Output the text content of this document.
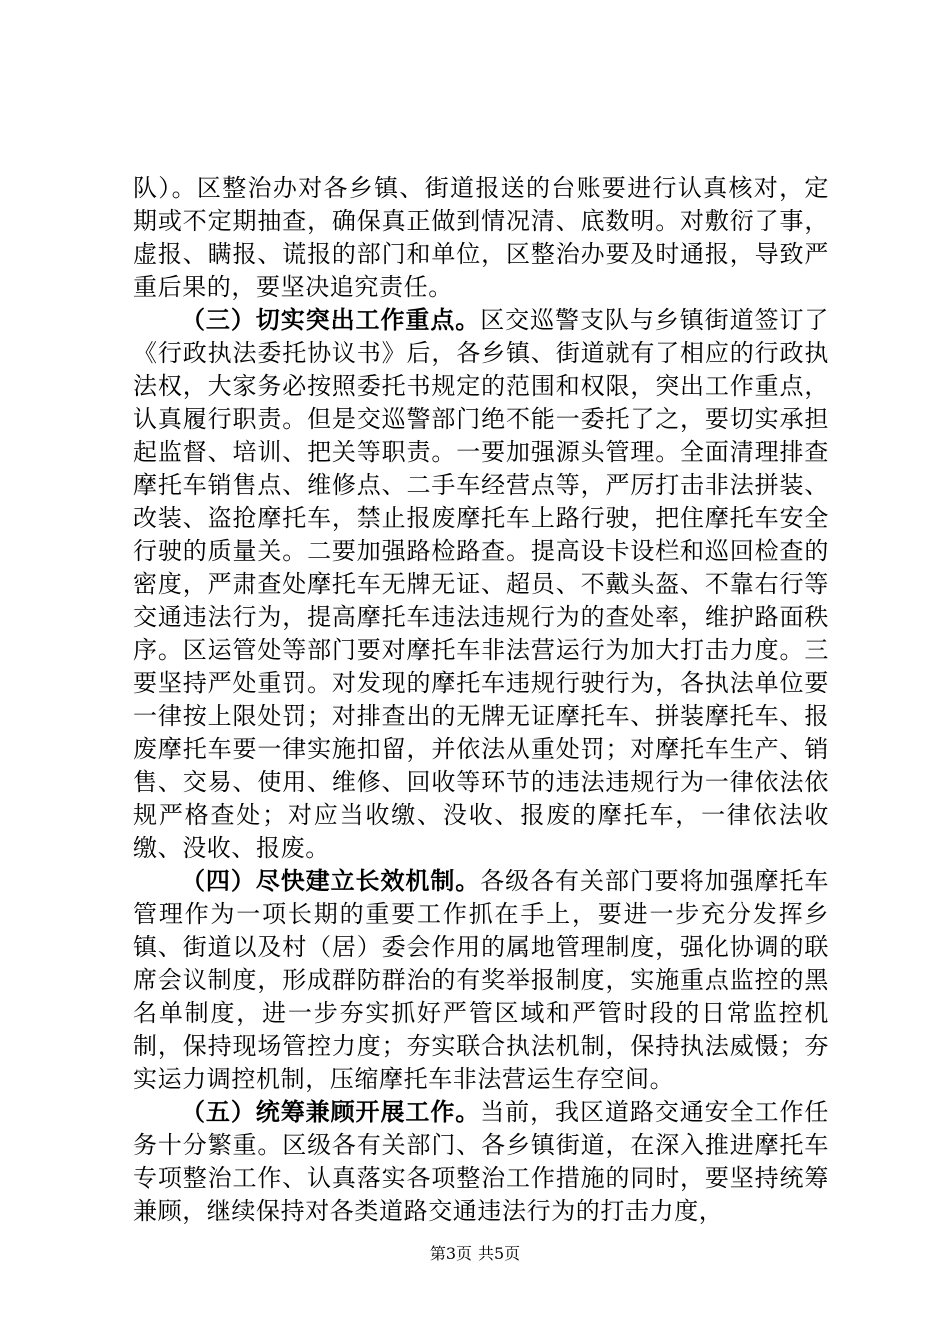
队）。区整治办对各乡镇、街道报送的台账要进行认真核对，定期或不定期抽查，确保真正做到情况清、底数明。对敷衍了事，虚报、瞒报、谎报的部门和单位，区整治办要及时通报，导致严重后果的，要坚决追究责任。

（三）切实突出工作重点。区交巡警支队与乡镇街道签订了《行政执法委托协议书》后，各乡镇、街道就有了相应的行政执法权，大家务必按照委托书规定的范围和权限，突出工作重点，认真履行职责。但是交巡警部门绝不能一委托了之，要切实承担起监督、培训、把关等职责。一要加强源头管理。全面清理排查摩托车销售点、维修点、二手车经营点等，严厉打击非法拼装、改装、盗抢摩托车，禁止报废摩托车上路行驶，把住摩托车安全行驶的质量关。二要加强路检路查。提高设卡设栏和巡回检查的密度，严肃查处摩托车无牌无证、超员、不戴头盔、不靠右行等交通违法行为，提高摩托车违法违规行为的查处率，维护路面秩序。区运管处等部门要对摩托车非法营运行为加大打击力度。三要坚持严处重罚。对发现的摩托车违规行驶行为，各执法单位要一律按上限处罚；对排查出的无牌无证摩托车、拼装摩托车、报废摩托车要一律实施扣留，并依法从重处罚；对摩托车生产、销售、交易、使用、维修、回收等环节的违法违规行为一律依法依规严格查处；对应当收缴、没收、报废的摩托车，一律依法收缴、没收、报废。

（四）尽快建立长效机制。各级各有关部门要将加强摩托车管理作为一项长期的重要工作抓在手上，要进一步充分发挥乡镇、街道以及村（居）委会作用的属地管理制度，强化协调的联席会议制度，形成群防群治的有奖举报制度，实施重点监控的黑名单制度，进一步夯实抓好严管区域和严管时段的日常监控机制，保持现场管控力度；夯实联合执法机制，保持执法威慑；夯实运力调控机制，压缩摩托车非法营运生存空间。

（五）统筹兼顾开展工作。当前，我区道路交通安全工作任务十分繁重。区级各有关部门、各乡镇街道，在深入推进摩托车专项整治工作、认真落实各项整治工作措施的同时，要坚持统筹兼顾，继续保持对各类道路交通违法行为的打击力度，

第3页 共5页
